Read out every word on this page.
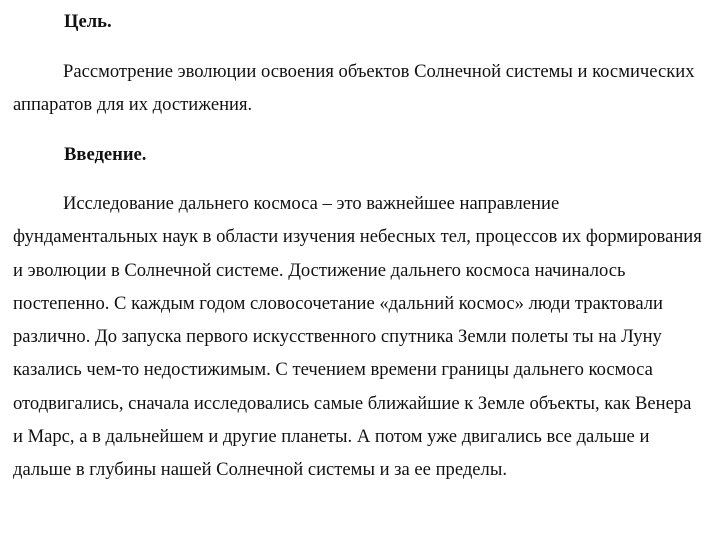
Цель.

Рассмотрение эволюции освоения объектов Солнечной системы и космических аппаратов для их достижения.

Введение.

Исследование дальнего космоса – это важнейшее направление фундаментальных наук в области изучения небесных тел, процессов их формирования и эволюции в Солнечной системе. Достижение дальнего космоса начиналось постепенно. С каждым годом словосочетание «дальний космос» люди трактовали различно. До запуска первого искусственного спутника Земли полеты ты на Луну казались чем-то недостижимым. С течением времени границы дальнего космоса отодвигались, сначала исследовались самые ближайшие к Земле объекты, как Венера и Марс, а в дальнейшем и другие планеты. А потом уже двигались все дальше и дальше в глубины нашей Солнечной системы и за ее пределы.
